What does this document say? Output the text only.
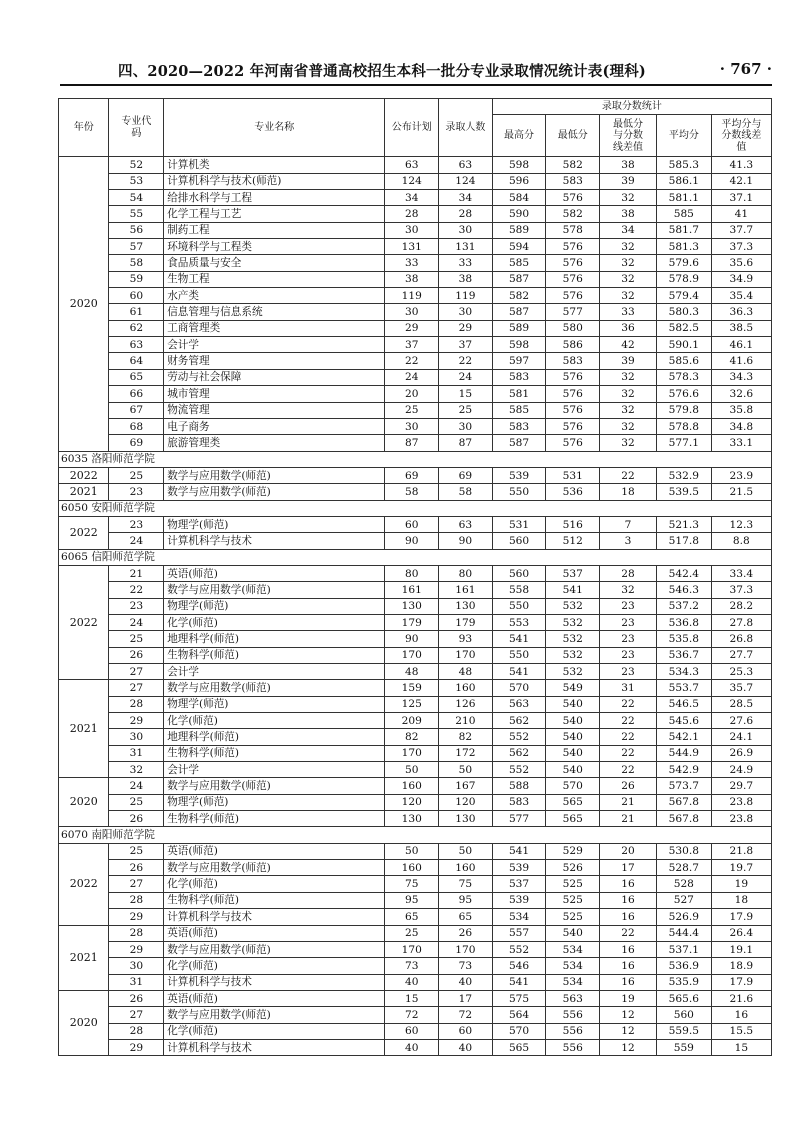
四、2020—2022 年河南省普通高校招生本科一批分专业录取情况统计表(理科)	· 767 ·
年份	专业代码	专业名称	公布计划	录取人数	录取分数统计				
					最高分	最低分	最低分与分数线差值	平均分	平均分与分数线差值
2020	52	计算机类	63	63	598	582	38	585.3	41.3
	53	计算机科学与技术(师范)	124	124	596	583	39	586.1	42.1
	54	给排水科学与工程	34	34	584	576	32	581.1	37.1
	55	化学工程与工艺	28	28	590	582	38	585	41
	56	制药工程	30	30	589	578	34	581.7	37.7
	57	环境科学与工程类	131	131	594	576	32	581.3	37.3
	58	食品质量与安全	33	33	585	576	32	579.6	35.6
	59	生物工程	38	38	587	576	32	578.9	34.9
	60	水产类	119	119	582	576	32	579.4	35.4
	61	信息管理与信息系统	30	30	587	577	33	580.3	36.3
	62	工商管理类	29	29	589	580	36	582.5	38.5
	63	会计学	37	37	598	586	42	590.1	46.1
	64	财务管理	22	22	597	583	39	585.6	41.6
	65	劳动与社会保障	24	24	583	576	32	578.3	34.3
	66	城市管理	20	15	581	576	32	576.6	32.6
	67	物流管理	25	25	585	576	32	579.8	35.8
	68	电子商务	30	30	583	576	32	578.8	34.8
	69	旅游管理类	87	87	587	576	32	577.1	33.1
6035 洛阳师范学院									
2022	25	数学与应用数学(师范)	69	69	539	531	22	532.9	23.9
2021	23	数学与应用数学(师范)	58	58	550	536	18	539.5	21.5
6050 安阳师范学院									
2022	23	物理学(师范)	60	63	531	516	7	521.3	12.3
	24	计算机科学与技术	90	90	560	512	3	517.8	8.8
6065 信阳师范学院									
2022	21	英语(师范)	80	80	560	537	28	542.4	33.4
	22	数学与应用数学(师范)	161	161	558	541	32	546.3	37.3
	23	物理学(师范)	130	130	550	532	23	537.2	28.2
	24	化学(师范)	179	179	553	532	23	536.8	27.8
	25	地理科学(师范)	90	93	541	532	23	535.8	26.8
	26	生物科学(师范)	170	170	550	532	23	536.7	27.7
	27	会计学	48	48	541	532	23	534.3	25.3
2021	27	数学与应用数学(师范)	159	160	570	549	31	553.7	35.7
	28	物理学(师范)	125	126	563	540	22	546.5	28.5
	29	化学(师范)	209	210	562	540	22	545.6	27.6
	30	地理科学(师范)	82	82	552	540	22	542.1	24.1
	31	生物科学(师范)	170	172	562	540	22	544.9	26.9
	32	会计学	50	50	552	540	22	542.9	24.9
2020	24	数学与应用数学(师范)	160	167	588	570	26	573.7	29.7
	25	物理学(师范)	120	120	583	565	21	567.8	23.8
	26	生物科学(师范)	130	130	577	565	21	567.8	23.8
6070 南阳师范学院									
2022	25	英语(师范)	50	50	541	529	20	530.8	21.8
	26	数学与应用数学(师范)	160	160	539	526	17	528.7	19.7
	27	化学(师范)	75	75	537	525	16	528	19
	28	生物科学(师范)	95	95	539	525	16	527	18
	29	计算机科学与技术	65	65	534	525	16	526.9	17.9
2021	28	英语(师范)	25	26	557	540	22	544.4	26.4
	29	数学与应用数学(师范)	170	170	552	534	16	537.1	19.1
	30	化学(师范)	73	73	546	534	16	536.9	18.9
	31	计算机科学与技术	40	40	541	534	16	535.9	17.9
2020	26	英语(师范)	15	17	575	563	19	565.6	21.6
	27	数学与应用数学(师范)	72	72	564	556	12	560	16
	28	化学(师范)	60	60	570	556	12	559.5	15.5
	29	计算机科学与技术	40	40	565	556	12	559	15
